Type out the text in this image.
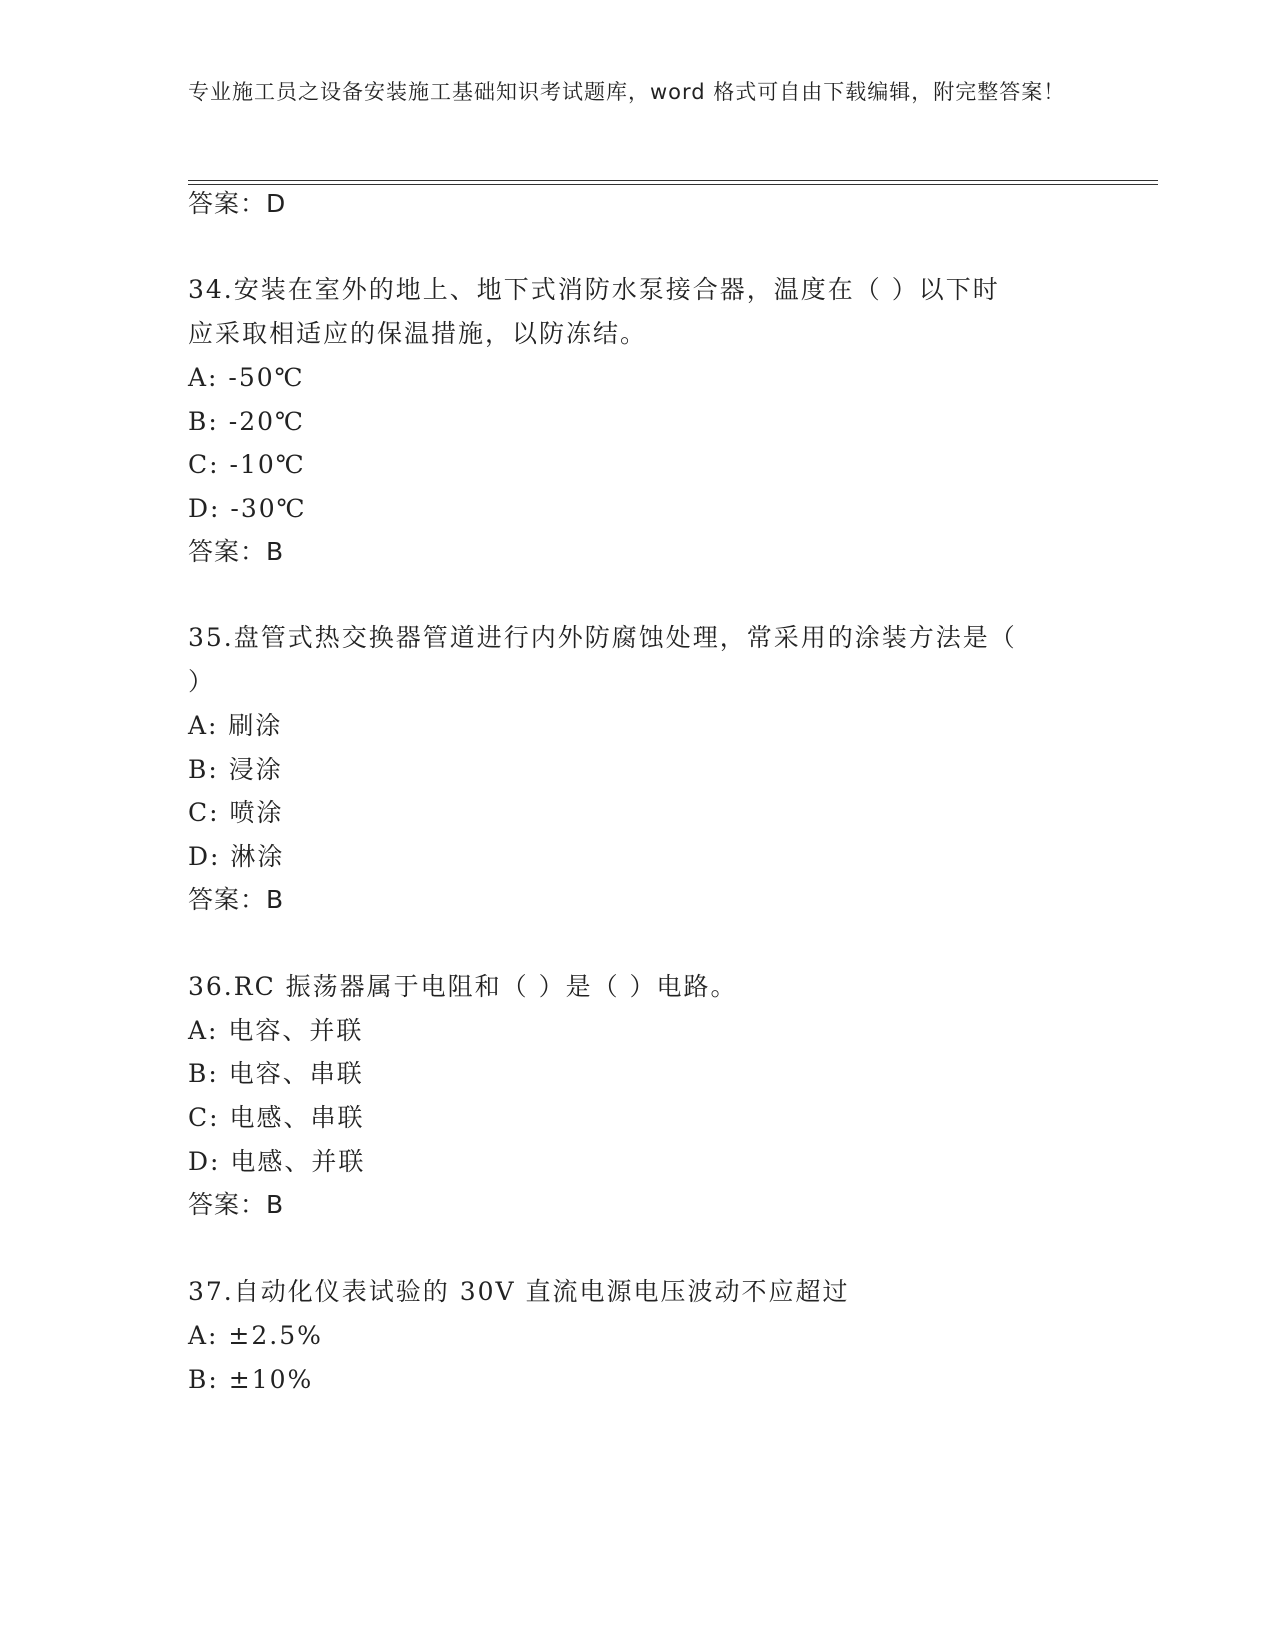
专业施工员之设备安装施工基础知识考试题库，word 格式可自由下载编辑，附完整答案！
答案：D
34.安装在室外的地上、地下式消防水泵接合器，温度在（ ）以下时
应采取相适应的保温措施，以防冻结。
A: -50℃
B: -20℃
C: -10℃
D: -30℃
答案：B
35.盘管式热交换器管道进行内外防腐蚀处理，常采用的涂装方法是（
）
A: 刷涂
B: 浸涂
C: 喷涂
D: 淋涂
答案：B
36.RC 振荡器属于电阻和（ ）是（ ）电路。
A: 电容、并联
B: 电容、串联
C: 电感、串联
D: 电感、并联
答案：B
37.自动化仪表试验的 30V 直流电源电压波动不应超过
A: ±2.5%
B: ±10%
